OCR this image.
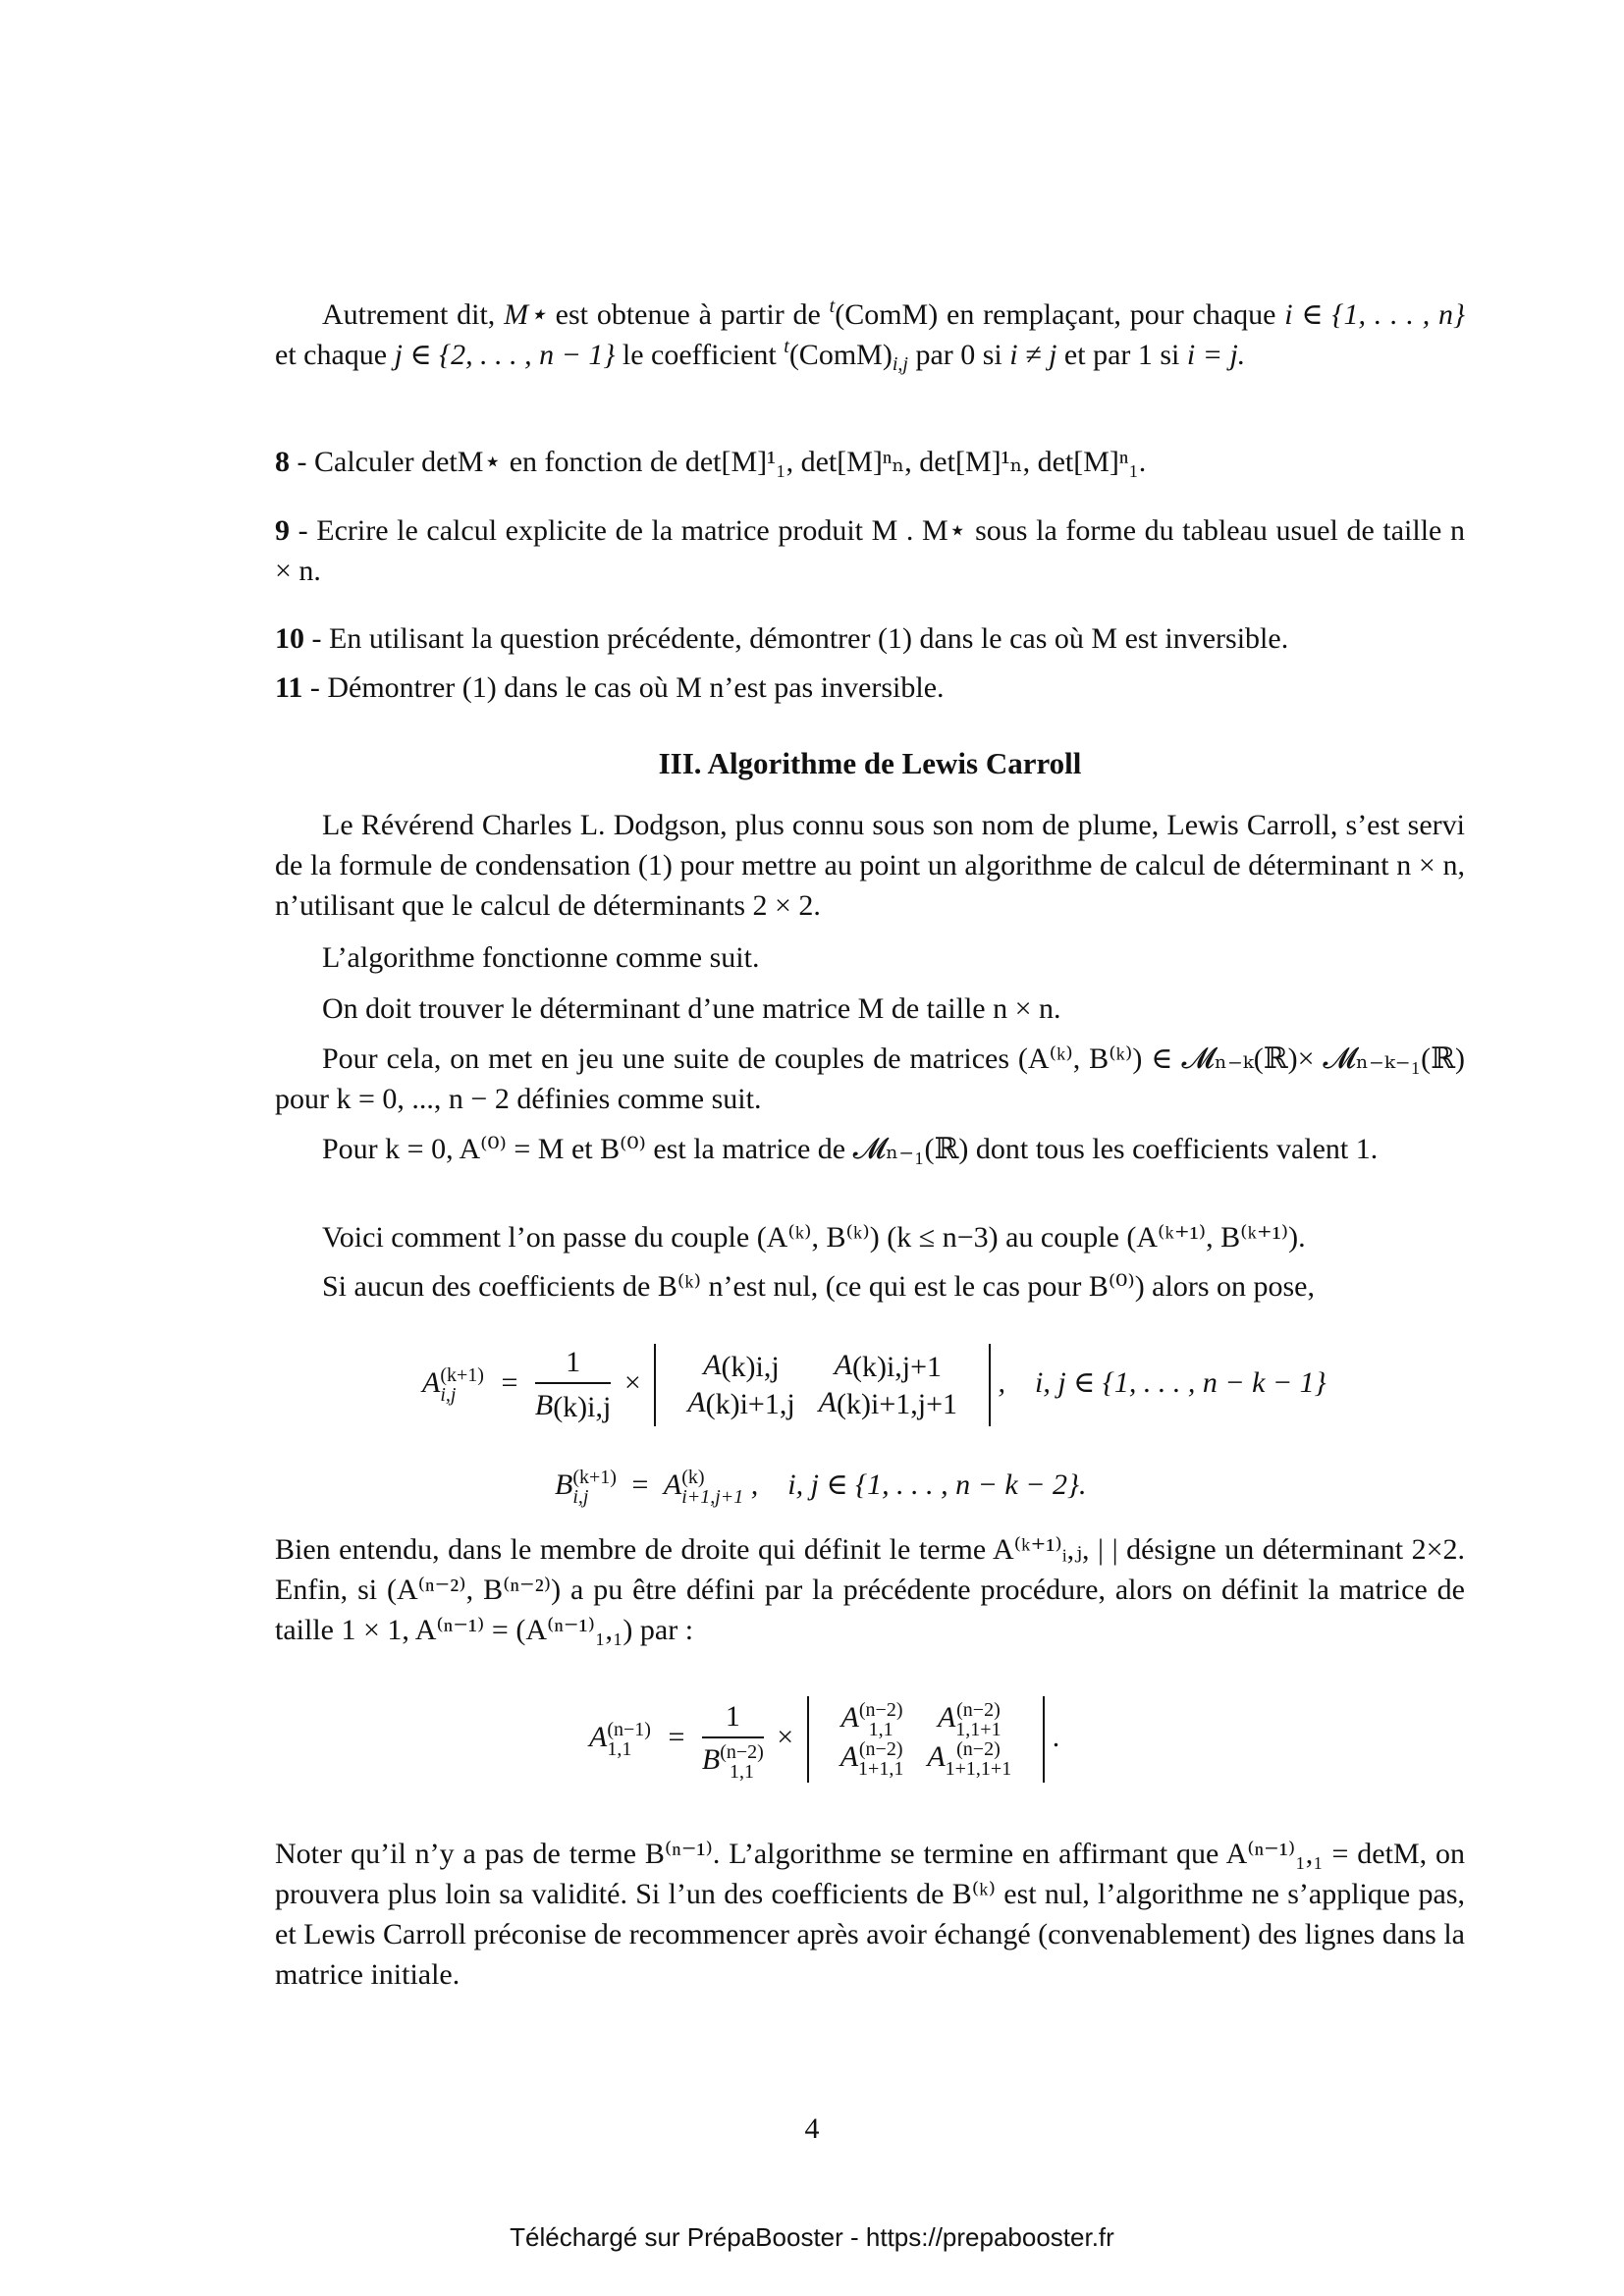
Autrement dit, M⋆ est obtenue à partir de $^t$(ComM) en remplaçant, pour chaque i ∈ {1, . . . , n} et chaque j ∈ {2, . . . , n − 1} le coefficient $^t(ComM)_{i,j}$ par 0 si i ≠ j et par 1 si i = j.

8 - Calculer detM⋆ en fonction de det[M]¹₁, det[M]ⁿₙ, det[M]¹ₙ, det[M]ⁿ₁.

9 - Ecrire le calcul explicite de la matrice produit M . M⋆ sous la forme du tableau usuel de taille n × n.

10 - En utilisant la question précédente, démontrer (1) dans le cas où M est inversible.

11 - Démontrer (1) dans le cas où M n’est pas inversible.

III. Algorithme de Lewis Carroll

Le Révérend Charles L. Dodgson, plus connu sous son nom de plume, Lewis Carroll, s’est servi de la formule de condensation (1) pour mettre au point un algorithme de calcul de déterminant n × n, n’utilisant que le calcul de déterminants 2 × 2.

L’algorithme fonctionne comme suit.

On doit trouver le déterminant d’une matrice M de taille n × n.

Pour cela, on met en jeu une suite de couples de matrices (A⁽ᵏ⁾, B⁽ᵏ⁾) ∈ 𝓜ₙ₋ₖ(ℝ)× 𝓜ₙ₋ₖ₋₁(ℝ) pour k = 0, ..., n − 2 définies comme suit.

Pour k = 0, A⁽⁰⁾ = M et B⁽⁰⁾ est la matrice de 𝓜ₙ₋₁(ℝ) dont tous les coefficients valent 1.

Voici comment l’on passe du couple (A⁽ᵏ⁾, B⁽ᵏ⁾) (k ≤ n−3) au couple (A⁽ᵏ⁺¹⁾, B⁽ᵏ⁺¹⁾).

Si aucun des coefficients de B⁽ᵏ⁾ n’est nul, (ce qui est le cas pour B⁽⁰⁾) alors on pose,

A (k+1)
i,j	= $\frac{1}{B(k)i,j}$ ×
A(k)i,j	A(k)i,j+1
A(k)i+1,j	A(k)i+1,j+1
,    i, j ∈ {1, . . . , n − k − 1}
B (k+1)
i,j	= A (k)
i+1,j+1 ,    i, j ∈ {1, . . . , n − k − 2}.

Bien entendu, dans le membre de droite qui définit le terme A⁽ᵏ⁺¹⁾ᵢ,ⱼ, | | désigne un déterminant 2×2. Enfin, si (A⁽ⁿ⁻²⁾, B⁽ⁿ⁻²⁾) a pu être défini par la précédente procédure, alors on définit la matrice de taille 1 × 1, A⁽ⁿ⁻¹⁾ = (A⁽ⁿ⁻¹⁾₁,₁) par :

A (n−1)
1,1	= 1
B (n−2)
1,1 ×
A (n−2)
1,1	A (n−2)
1,1+1

A (n−2)
1+1,1	A (n−2)
1+1,1+1
.

Noter qu’il n’y a pas de terme B⁽ⁿ⁻¹⁾. L’algorithme se termine en affirmant que A⁽ⁿ⁻¹⁾₁,₁ = detM, on prouvera plus loin sa validité. Si l’un des coefficients de B⁽ᵏ⁾ est nul, l’algorithme ne s’applique pas, et Lewis Carroll préconise de recommencer après avoir échangé (convenablement) des lignes dans la matrice initiale.

4
Téléchargé sur PrépaBooster - https://prepabooster.fr
